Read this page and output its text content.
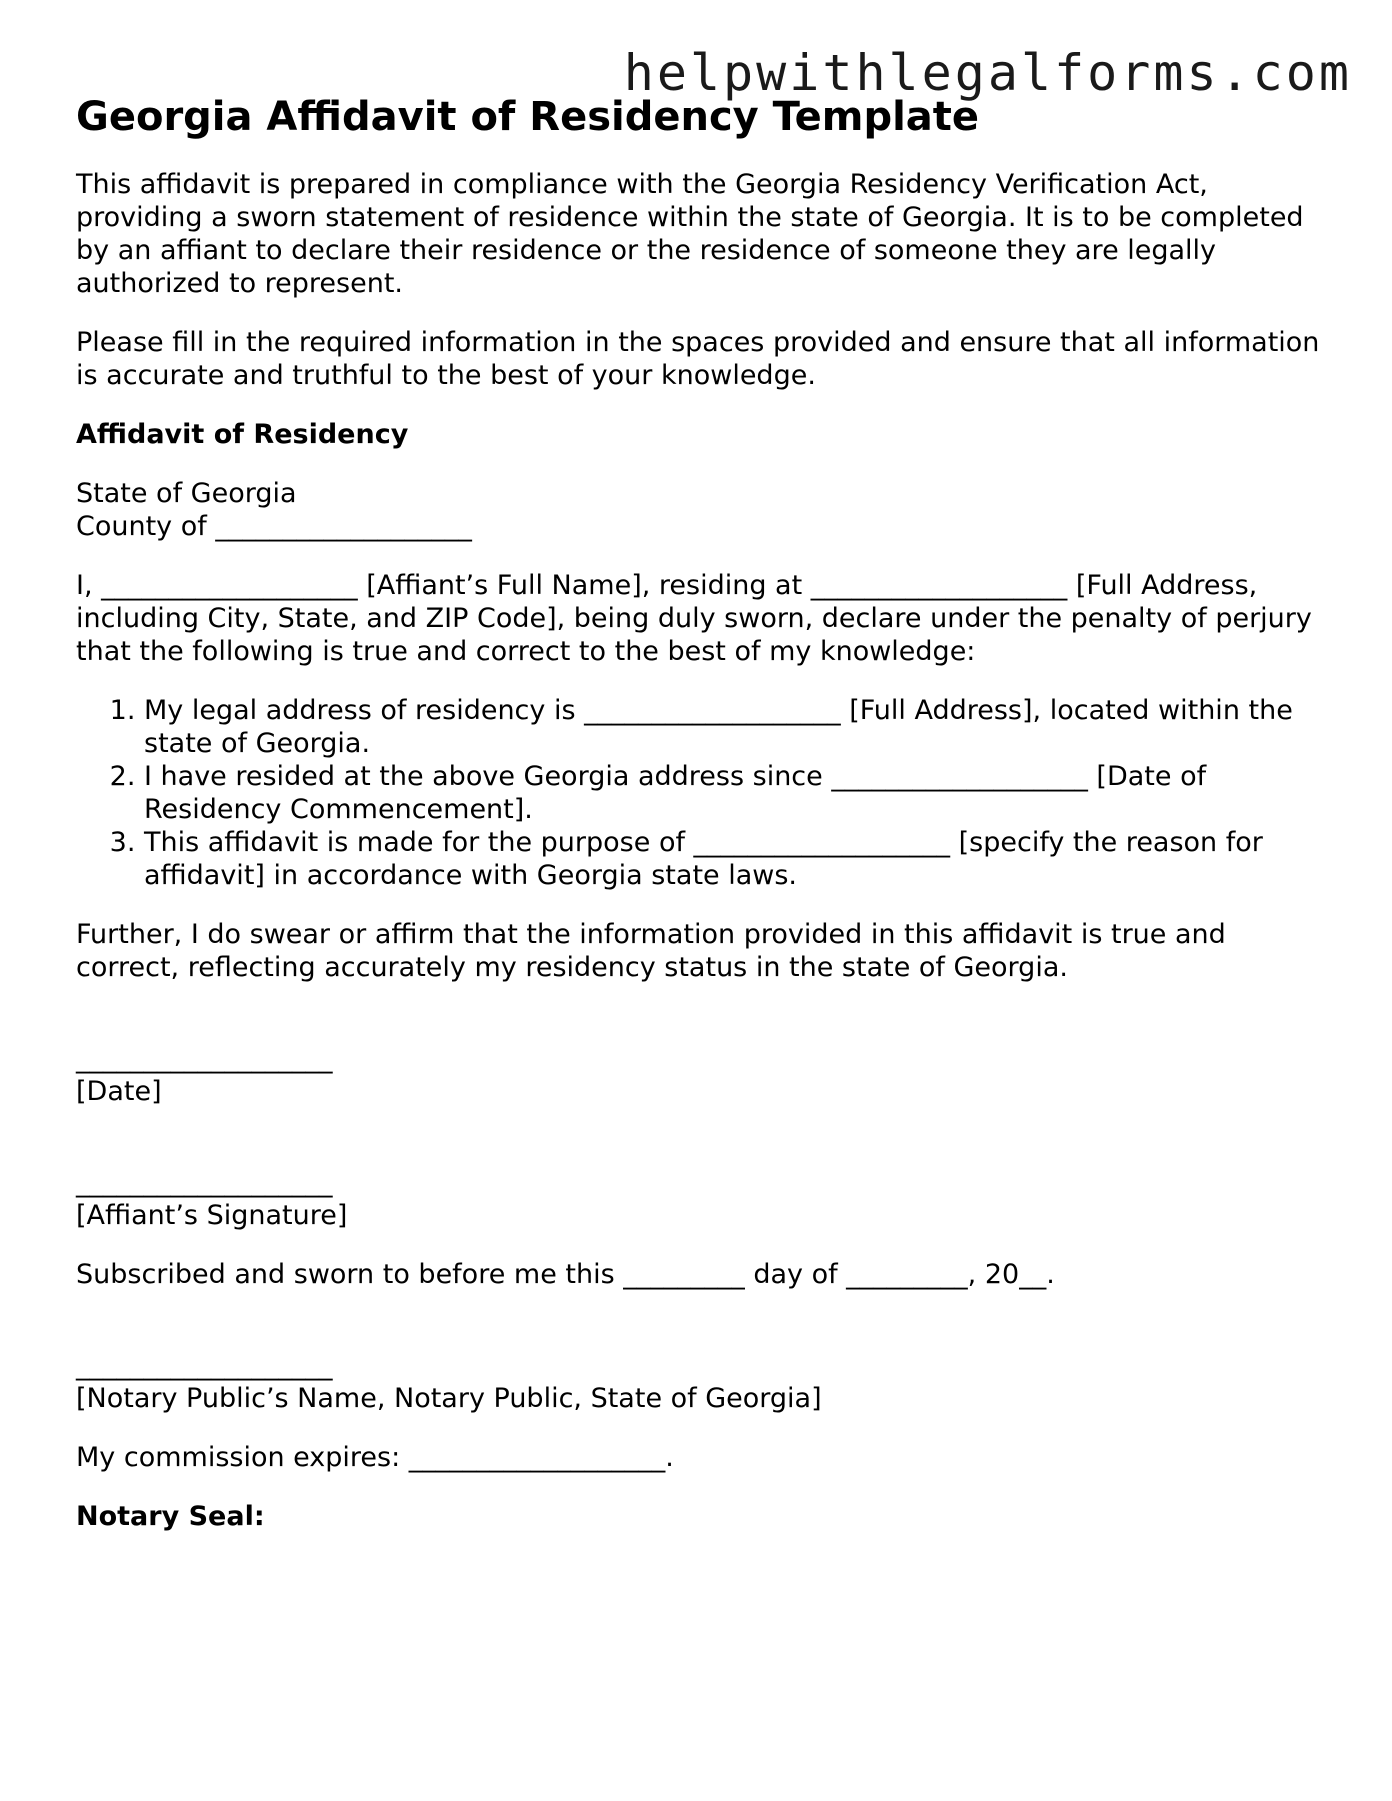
helpwithlegalforms.com
Georgia Affidavit of Residency Template

This affidavit is prepared in compliance with the Georgia Residency Verification Act, providing a sworn statement of residence within the state of Georgia. It is to be completed by an affiant to declare their residence or the residence of someone they are legally authorized to represent.

Please fill in the required information in the spaces provided and ensure that all information is accurate and truthful to the best of your knowledge.

Affidavit of Residency

State of Georgia
County of ___________________

I, ___________________ [Affiant’s Full Name], residing at ___________________ [Full Address, including City, State, and ZIP Code], being duly sworn, declare under the penalty of perjury that the following is true and correct to the best of my knowledge:

1. My legal address of residency is ___________________ [Full Address], located within the state of Georgia.
2. I have resided at the above Georgia address since ___________________ [Date of Residency Commencement].
3. This affidavit is made for the purpose of ___________________ [specify the reason for affidavit] in accordance with Georgia state laws.

Further, I do swear or affirm that the information provided in this affidavit is true and correct, reflecting accurately my residency status in the state of Georgia.

___________________
[Date]

___________________
[Affiant’s Signature]

Subscribed and sworn to before me this _________ day of _________, 20__.

___________________
[Notary Public’s Name, Notary Public, State of Georgia]

My commission expires: ___________________.

Notary Seal:
